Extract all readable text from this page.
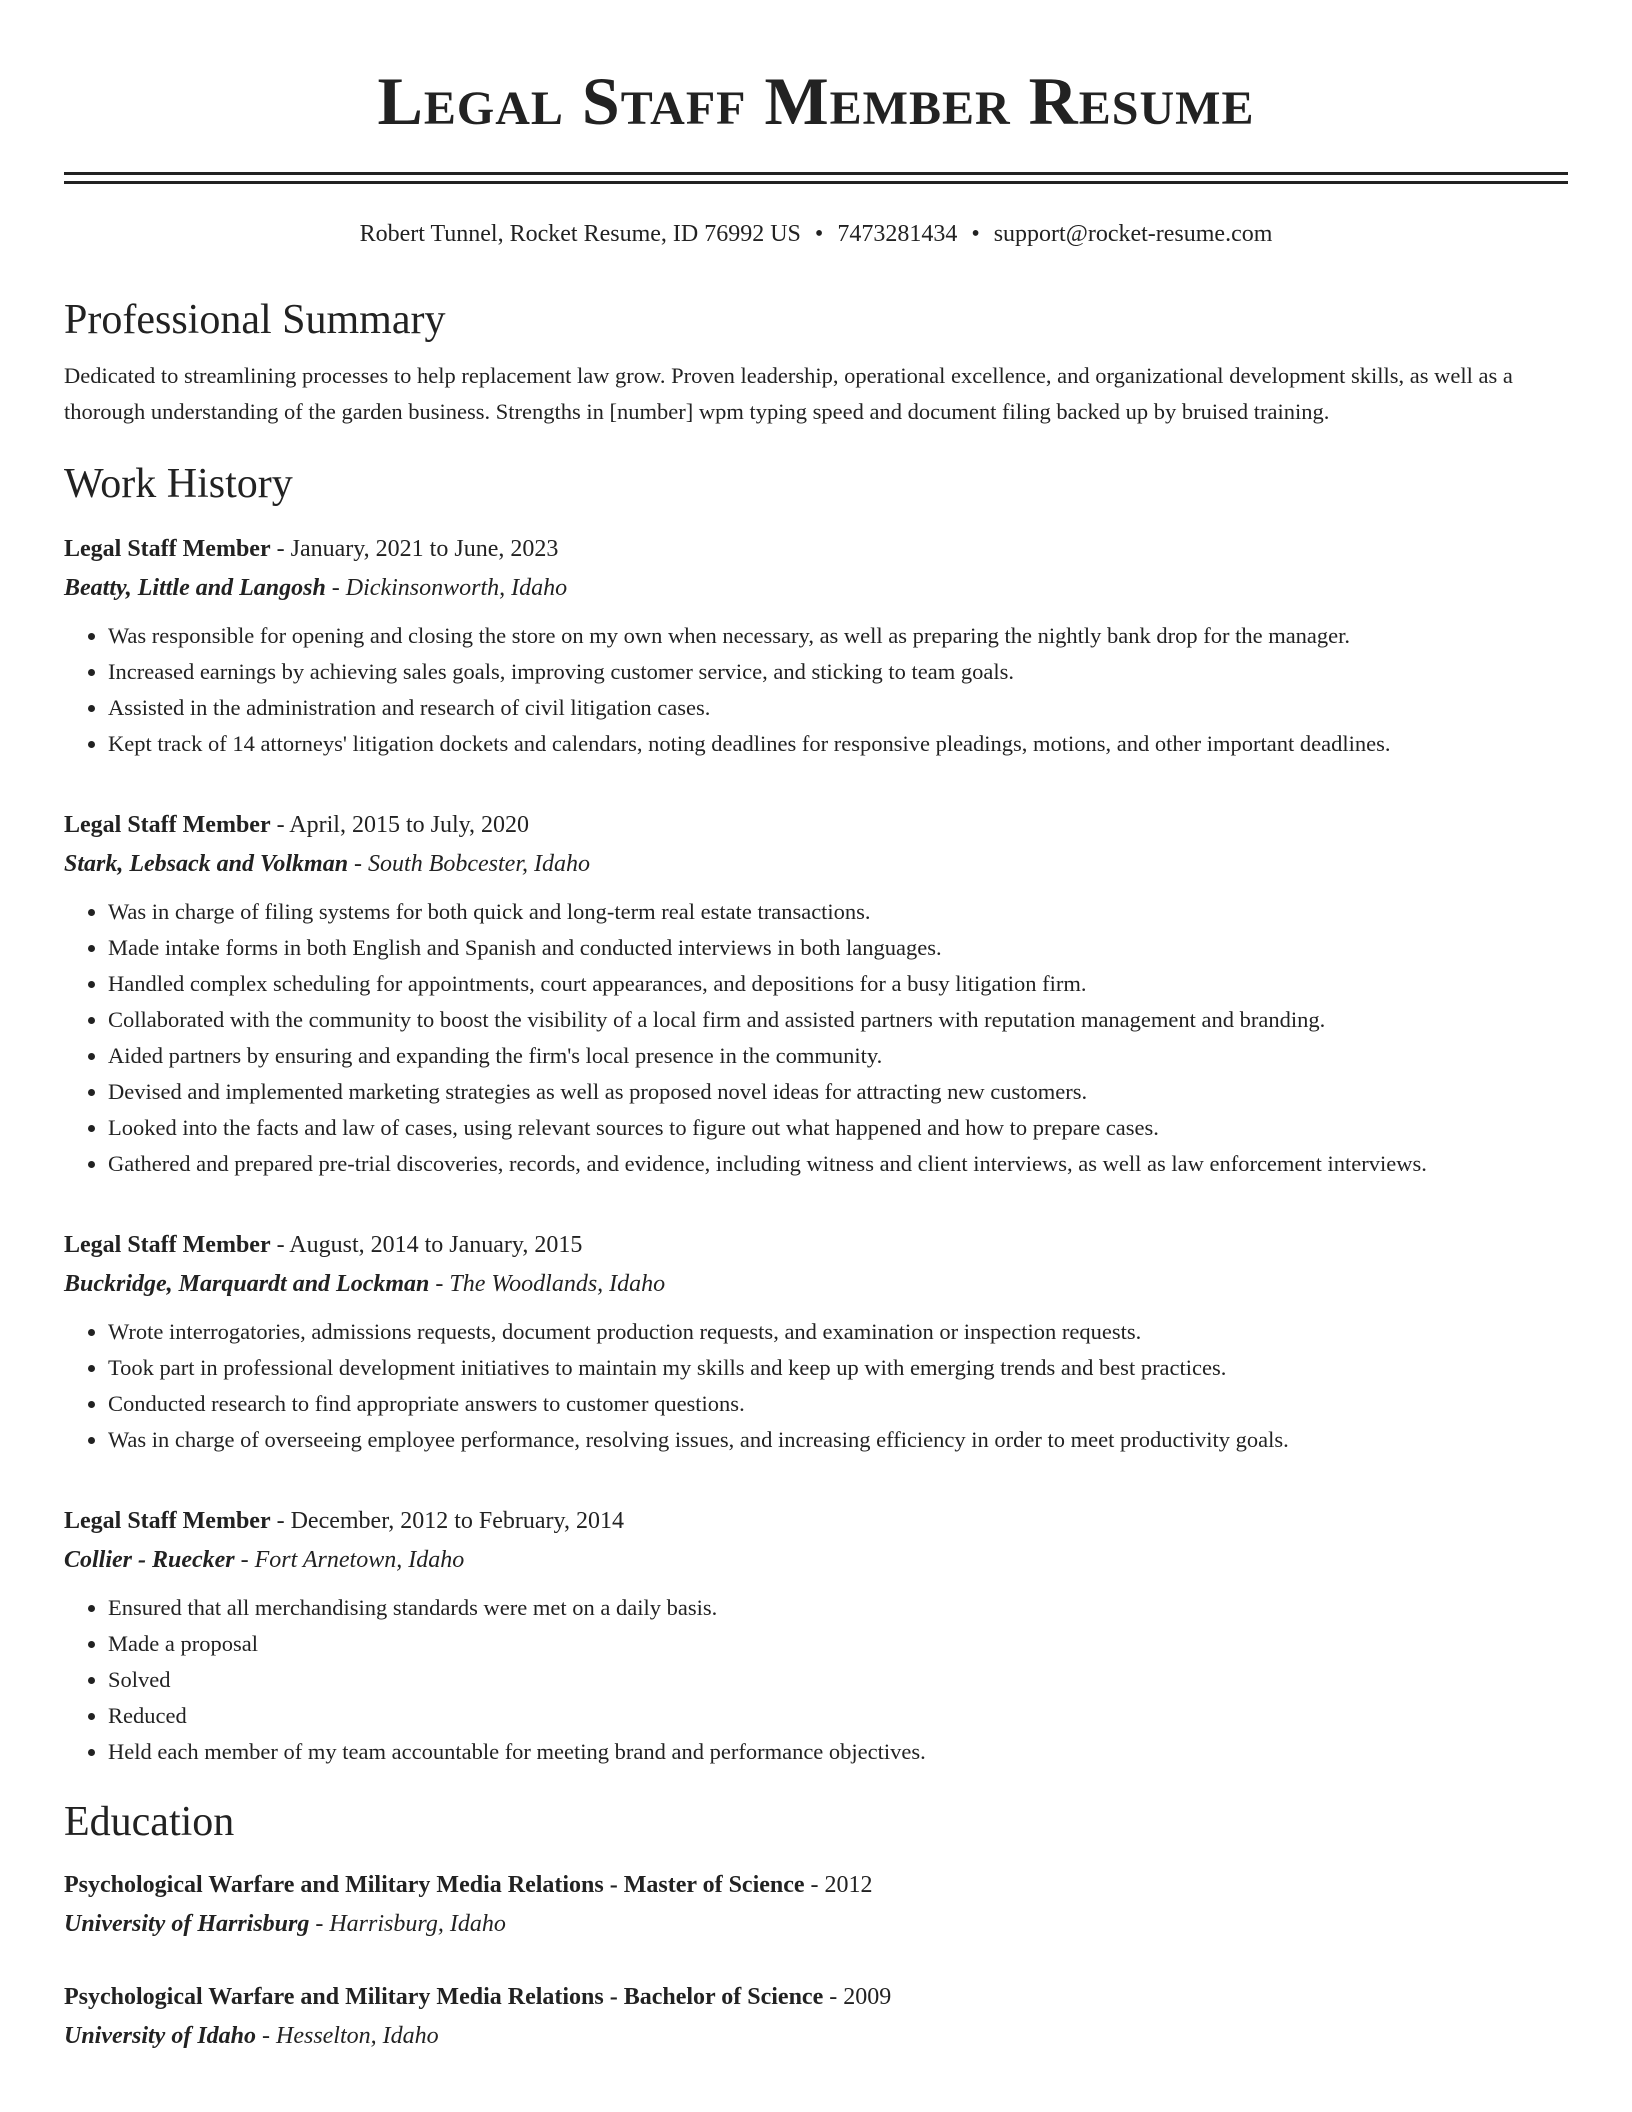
Legal Staff Member Resume
Robert Tunnel, Rocket Resume, ID 76992 US • 7473281434 • support@rocket-resume.com
Professional Summary
Dedicated to streamlining processes to help replacement law grow. Proven leadership, operational excellence, and organizational development skills, as well as a thorough understanding of the garden business. Strengths in [number] wpm typing speed and document filing backed up by bruised training.
Work History
Legal Staff Member - January, 2021 to June, 2023
Beatty, Little and Langosh - Dickinsonworth, Idaho
• Was responsible for opening and closing the store on my own when necessary, as well as preparing the nightly bank drop for the manager.
• Increased earnings by achieving sales goals, improving customer service, and sticking to team goals.
• Assisted in the administration and research of civil litigation cases.
• Kept track of 14 attorneys' litigation dockets and calendars, noting deadlines for responsive pleadings, motions, and other important deadlines.
Legal Staff Member - April, 2015 to July, 2020
Stark, Lebsack and Volkman - South Bobcester, Idaho
• Was in charge of filing systems for both quick and long-term real estate transactions.
• Made intake forms in both English and Spanish and conducted interviews in both languages.
• Handled complex scheduling for appointments, court appearances, and depositions for a busy litigation firm.
• Collaborated with the community to boost the visibility of a local firm and assisted partners with reputation management and branding.
• Aided partners by ensuring and expanding the firm's local presence in the community.
• Devised and implemented marketing strategies as well as proposed novel ideas for attracting new customers.
• Looked into the facts and law of cases, using relevant sources to figure out what happened and how to prepare cases.
• Gathered and prepared pre-trial discoveries, records, and evidence, including witness and client interviews, as well as law enforcement interviews.
Legal Staff Member - August, 2014 to January, 2015
Buckridge, Marquardt and Lockman - The Woodlands, Idaho
• Wrote interrogatories, admissions requests, document production requests, and examination or inspection requests.
• Took part in professional development initiatives to maintain my skills and keep up with emerging trends and best practices.
• Conducted research to find appropriate answers to customer questions.
• Was in charge of overseeing employee performance, resolving issues, and increasing efficiency in order to meet productivity goals.
Legal Staff Member - December, 2012 to February, 2014
Collier - Ruecker - Fort Arnetown, Idaho
• Ensured that all merchandising standards were met on a daily basis.
• Made a proposal
• Solved
• Reduced
• Held each member of my team accountable for meeting brand and performance objectives.
Education
Psychological Warfare and Military Media Relations - Master of Science - 2012
University of Harrisburg - Harrisburg, Idaho
Psychological Warfare and Military Media Relations - Bachelor of Science - 2009
University of Idaho - Hesselton, Idaho
